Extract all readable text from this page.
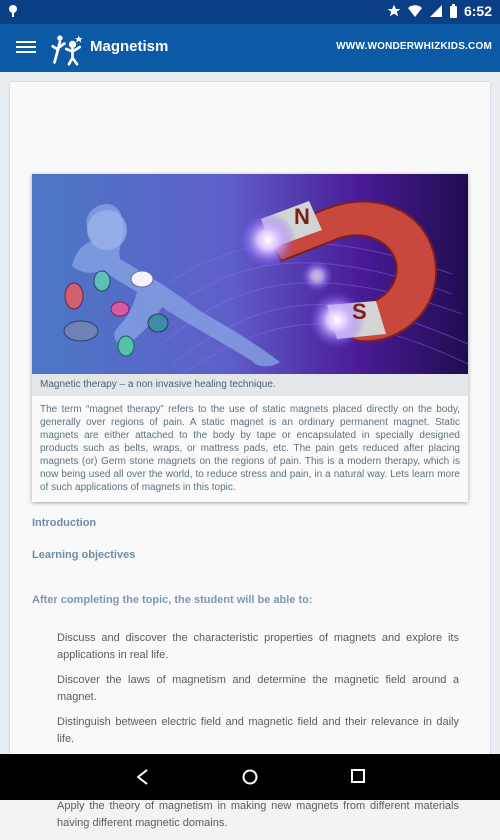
6:52
Magnetism	WWW.WONDERWHIZKIDS.COM
N
S
Magnetic therapy – a non invasive healing technique.
The term “magnet therapy” refers to the use of static magnets placed directly on the body, generally over regions of pain. A static magnet is an ordinary permanent magnet. Static magnets are either attached to the body by tape or encapsulated in specially designed products such as belts, wraps, or mattress pads, etc. The pain gets reduced after placing magnets (or) Germ stone magnets on the regions of pain. This is a modern therapy, which is now being used all over the world, to reduce stress and pain, in a natural way. Lets learn more of such applications of magnets in this topic.
Introduction
Learning objectives
After completing the topic, the student will be able to:
Discuss and discover the characteristic properties of magnets and explore its applications in real life.
Discover the laws of magnetism and determine the magnetic field around a magnet.
Distinguish between electric field and magnetic field and their relevance in daily life.
Apply the theory of magnetism in making new magnets from different materials having different magnetic domains.
